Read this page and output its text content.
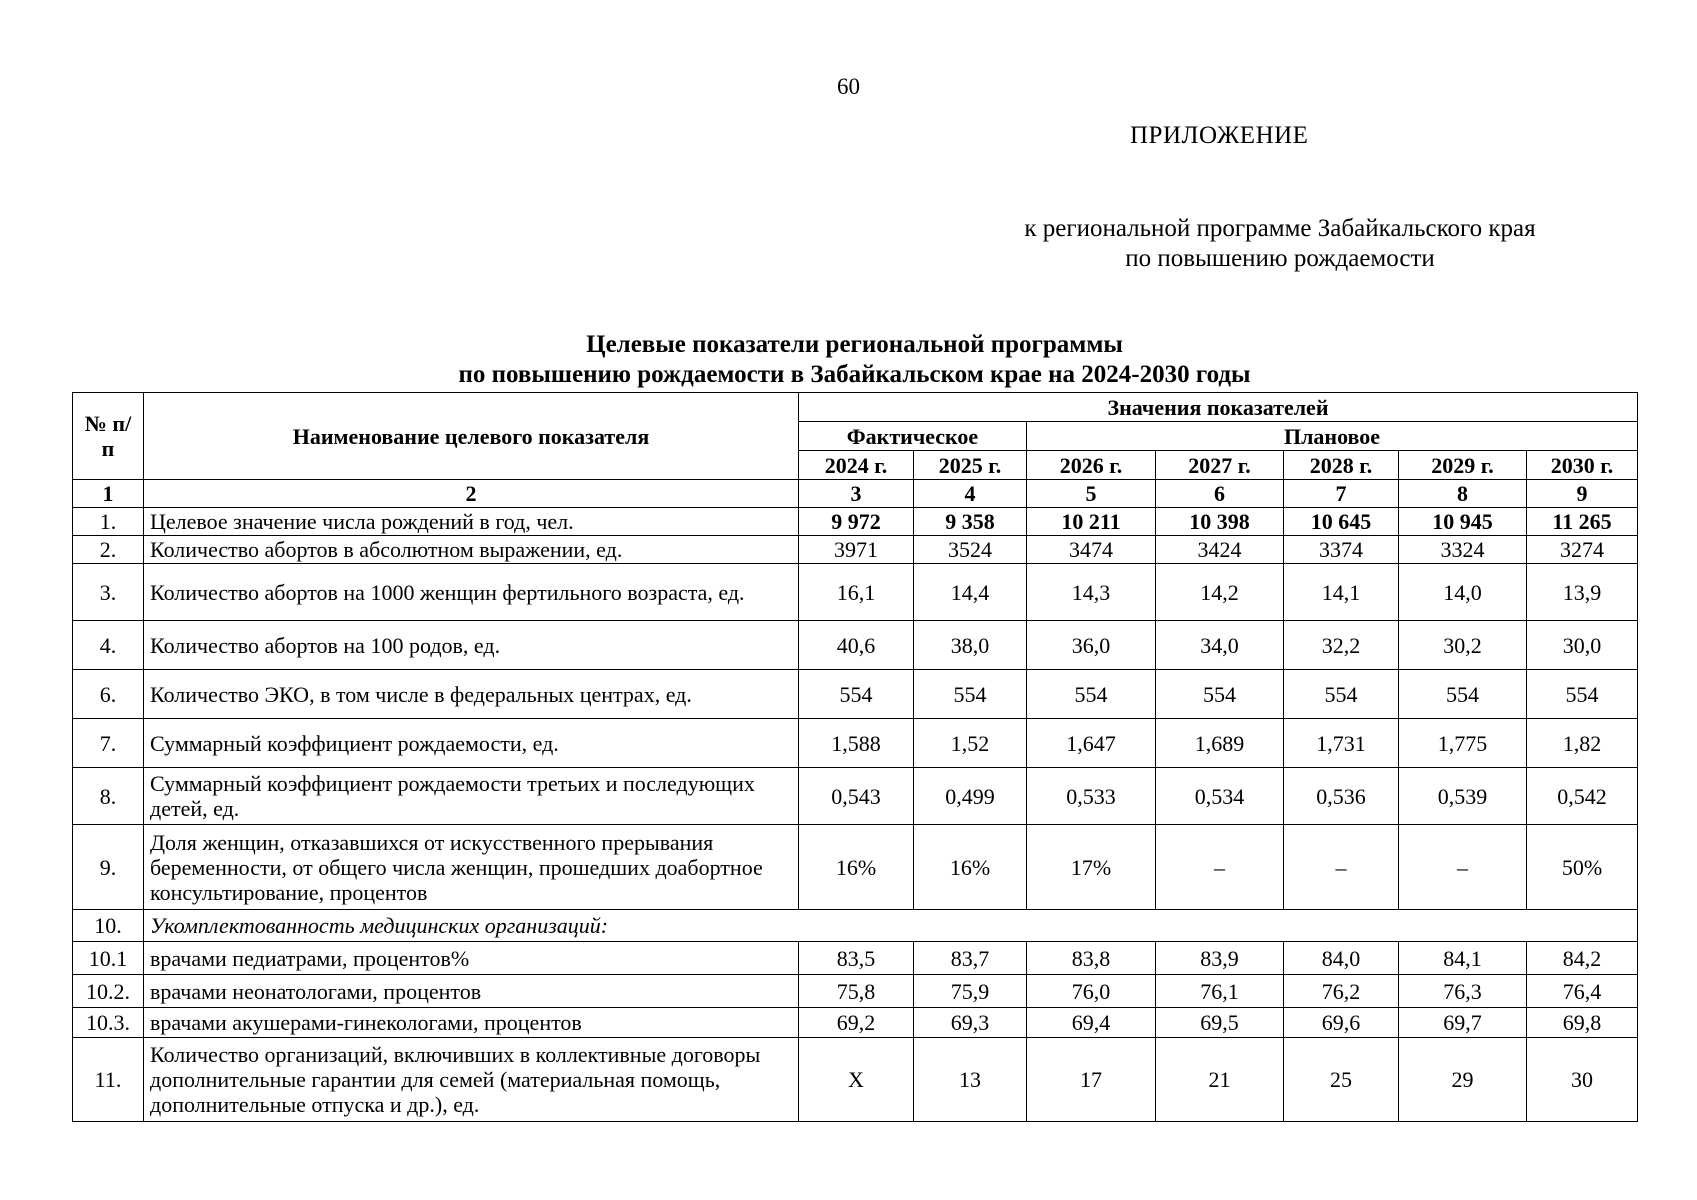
60
ПРИЛОЖЕНИЕ
к региональной программе Забайкальского края
по повышению рождаемости
Целевые показатели региональной программы
по повышению рождаемости в Забайкальском крае на 2024-2030 годы
№ п/п	Наименование целевого показателя	Значения показателей						
		Фактическое		Плановое				
		2024 г.	2025 г.	2026 г.	2027 г.	2028 г.	2029 г.	2030 г.
1	2	3	4	5	6	7	8	9
1.	Целевое значение числа рождений в год, чел.	9 972	9 358	10 211	10 398	10 645	10 945	11 265
2.	Количество абортов в абсолютном выражении, ед.	3971	3524	3474	3424	3374	3324	3274
3.	Количество абортов на 1000 женщин фертильного возраста, ед.	16,1	14,4	14,3	14,2	14,1	14,0	13,9
4.	Количество абортов на 100 родов, ед.	40,6	38,0	36,0	34,0	32,2	30,2	30,0
6.	Количество ЭКО, в том числе в федеральных центрах, ед.	554	554	554	554	554	554	554
7.	Суммарный коэффициент рождаемости, ед.	1,588	1,52	1,647	1,689	1,731	1,775	1,82
8.	Суммарный коэффициент рождаемости третьих и последующих детей, ед.	0,543	0,499	0,533	0,534	0,536	0,539	0,542
9.	Доля женщин, отказавшихся от искусственного прерывания беременности, от общего числа женщин, прошедших доабортное консультирование, процентов	16%	16%	17%	–	–	–	50%
10.	Укомплектованность медицинских организаций:							
10.1	врачами педиатрами, процентов%	83,5	83,7	83,8	83,9	84,0	84,1	84,2
10.2.	врачами неонатологами, процентов	75,8	75,9	76,0	76,1	76,2	76,3	76,4
10.3.	врачами акушерами-гинекологами, процентов	69,2	69,3	69,4	69,5	69,6	69,7	69,8
11.	Количество организаций, включивших в коллективные договоры дополнительные гарантии для семей (материальная помощь, дополнительные отпуска и др.), ед.	X	13	17	21	25	29	30
